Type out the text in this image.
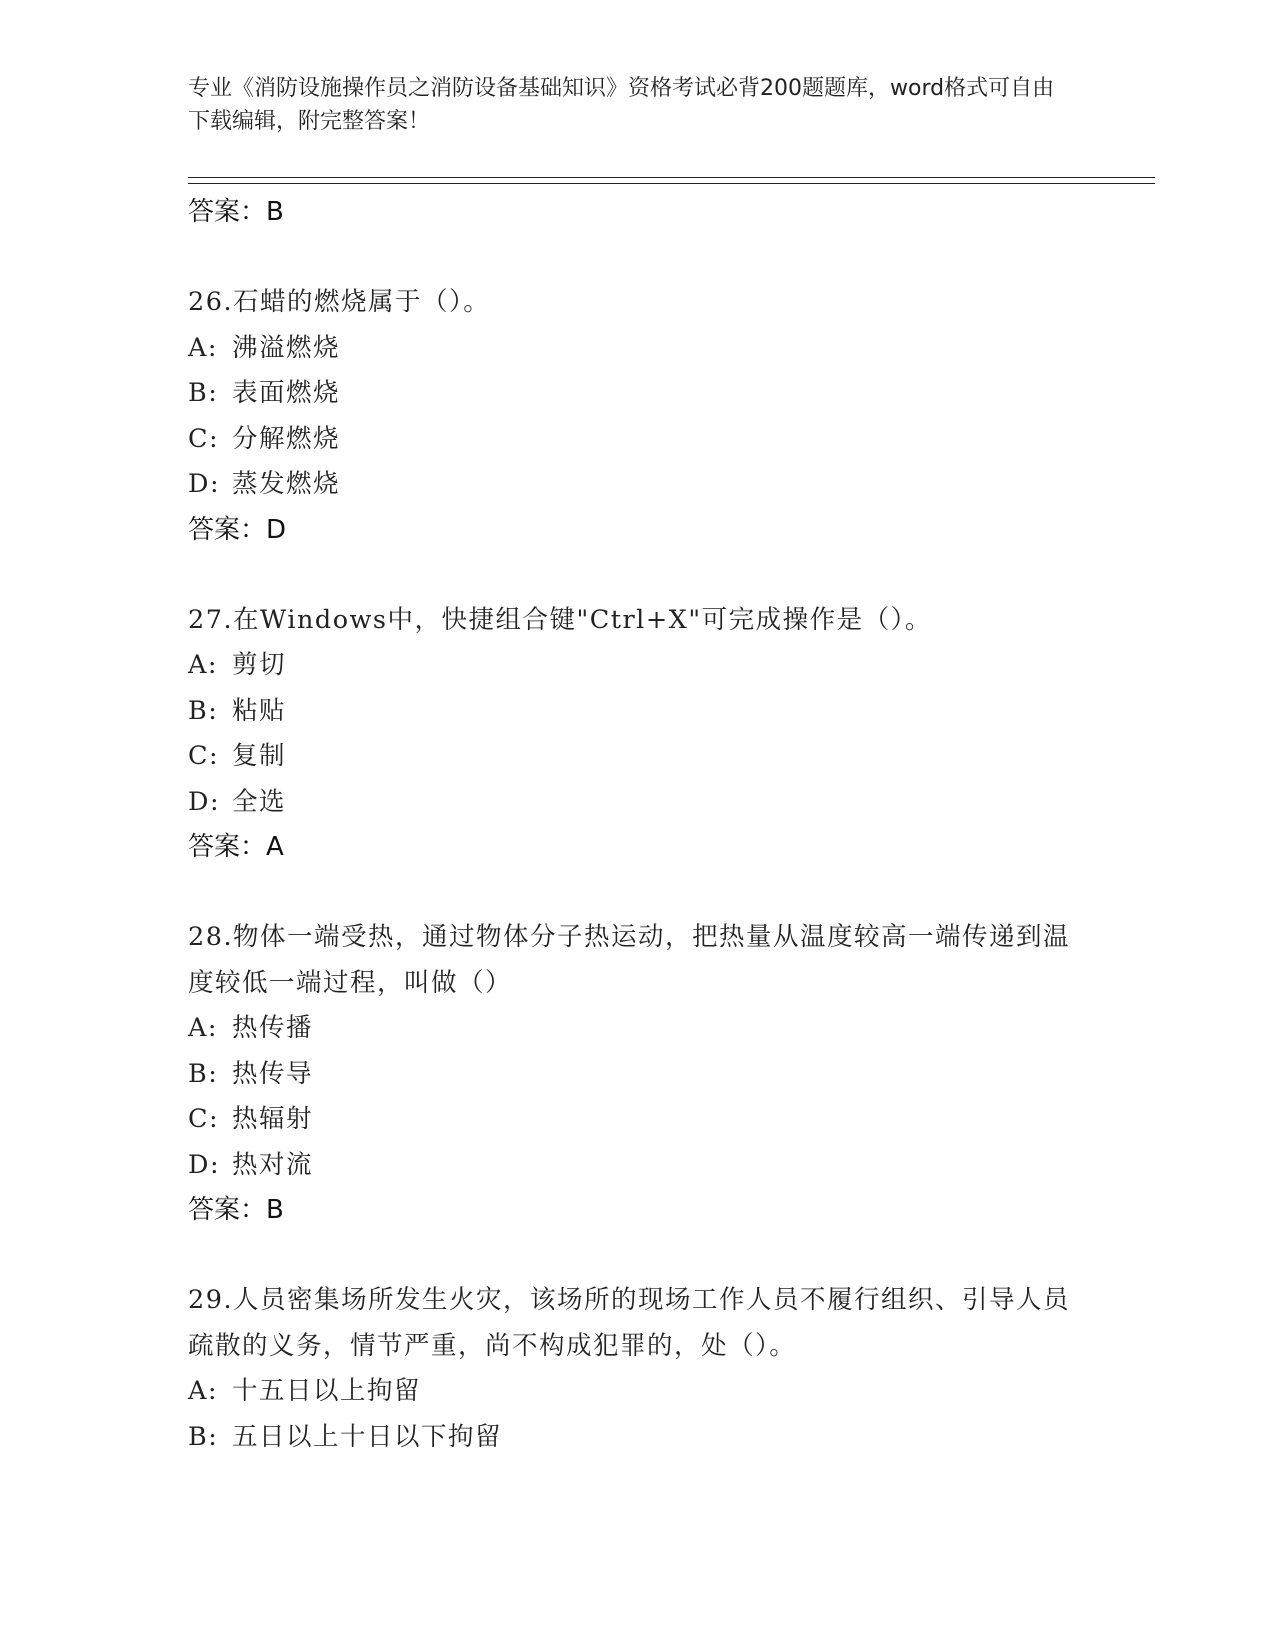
专业《消防设施操作员之消防设备基础知识》资格考试必背200题题库，word格式可自由下载编辑，附完整答案！

答案：B

26.石蜡的燃烧属于（）。

A: 沸溢燃烧

B: 表面燃烧

C: 分解燃烧

D: 蒸发燃烧

答案：D

27.在Windows中，快捷组合键"Ctrl+X"可完成操作是（）。

A: 剪切

B: 粘贴

C: 复制

D: 全选

答案：A

28.物体一端受热，通过物体分子热运动，把热量从温度较高一端传递到温度较低一端过程，叫做（）

A: 热传播

B: 热传导

C: 热辐射

D: 热对流

答案：B

29.人员密集场所发生火灾，该场所的现场工作人员不履行组织、引导人员疏散的义务，情节严重，尚不构成犯罪的，处（）。

A: 十五日以上拘留

B: 五日以上十日以下拘留
